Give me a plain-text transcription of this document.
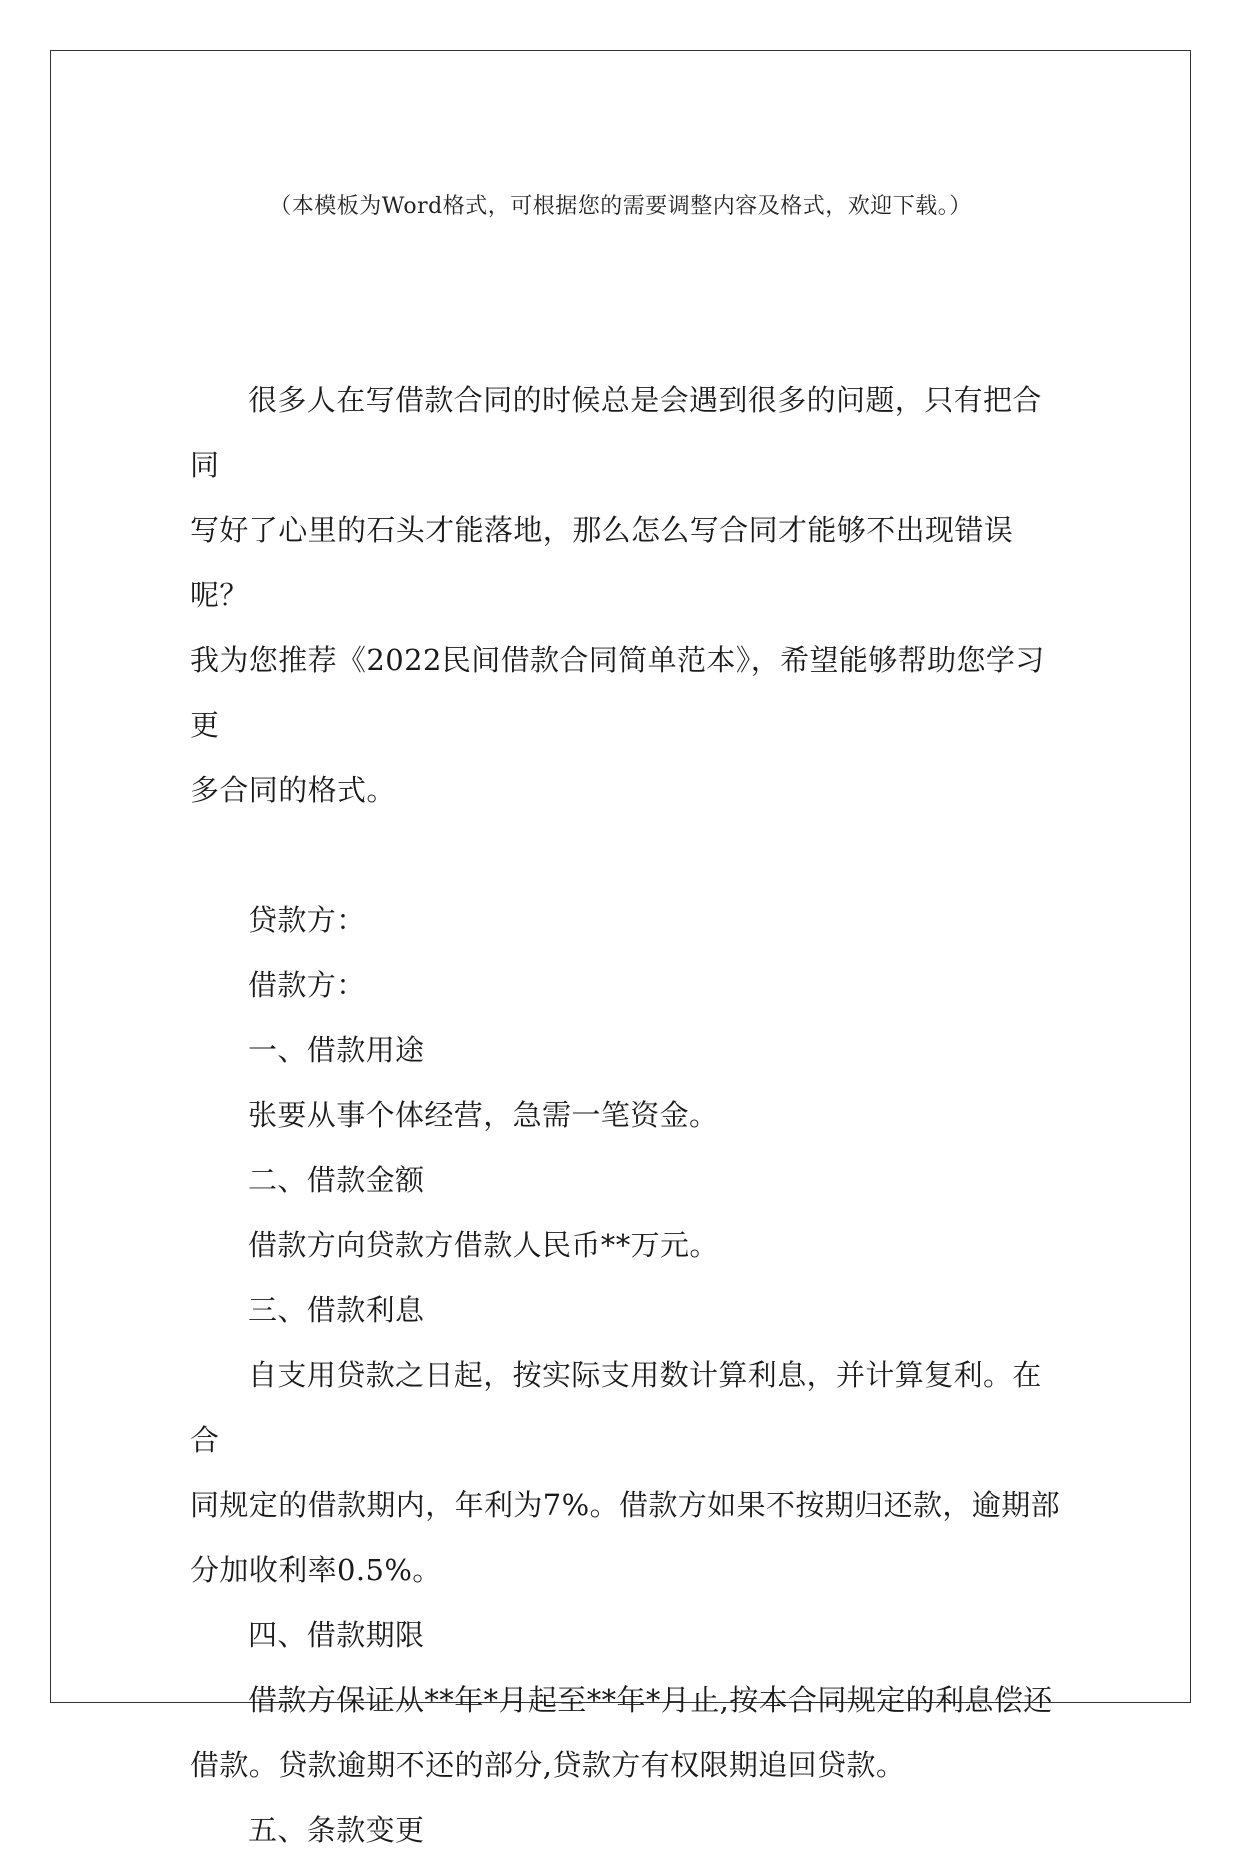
（本模板为Word格式，可根据您的需要调整内容及格式，欢迎下载。）

很多人在写借款合同的时候总是会遇到很多的问题，只有把合同

写好了心里的石头才能落地，那么怎么写合同才能够不出现错误呢？

我为您推荐《2022民间借款合同简单范本》，希望能够帮助您学习更

多合同的格式。

贷款方：

借款方：

一、借款用途

张要从事个体经营，急需一笔资金。

二、借款金额

借款方向贷款方借款人民币**万元。

三、借款利息

自支用贷款之日起，按实际支用数计算利息，并计算复利。在合

同规定的借款期内，年利为7%。借款方如果不按期归还款，逾期部

分加收利率0.5%。

四、借款期限

借款方保证从**年*月起至**年*月止,按本合同规定的利息偿还

借款。贷款逾期不还的部分,贷款方有权限期追回贷款。

五、条款变更
